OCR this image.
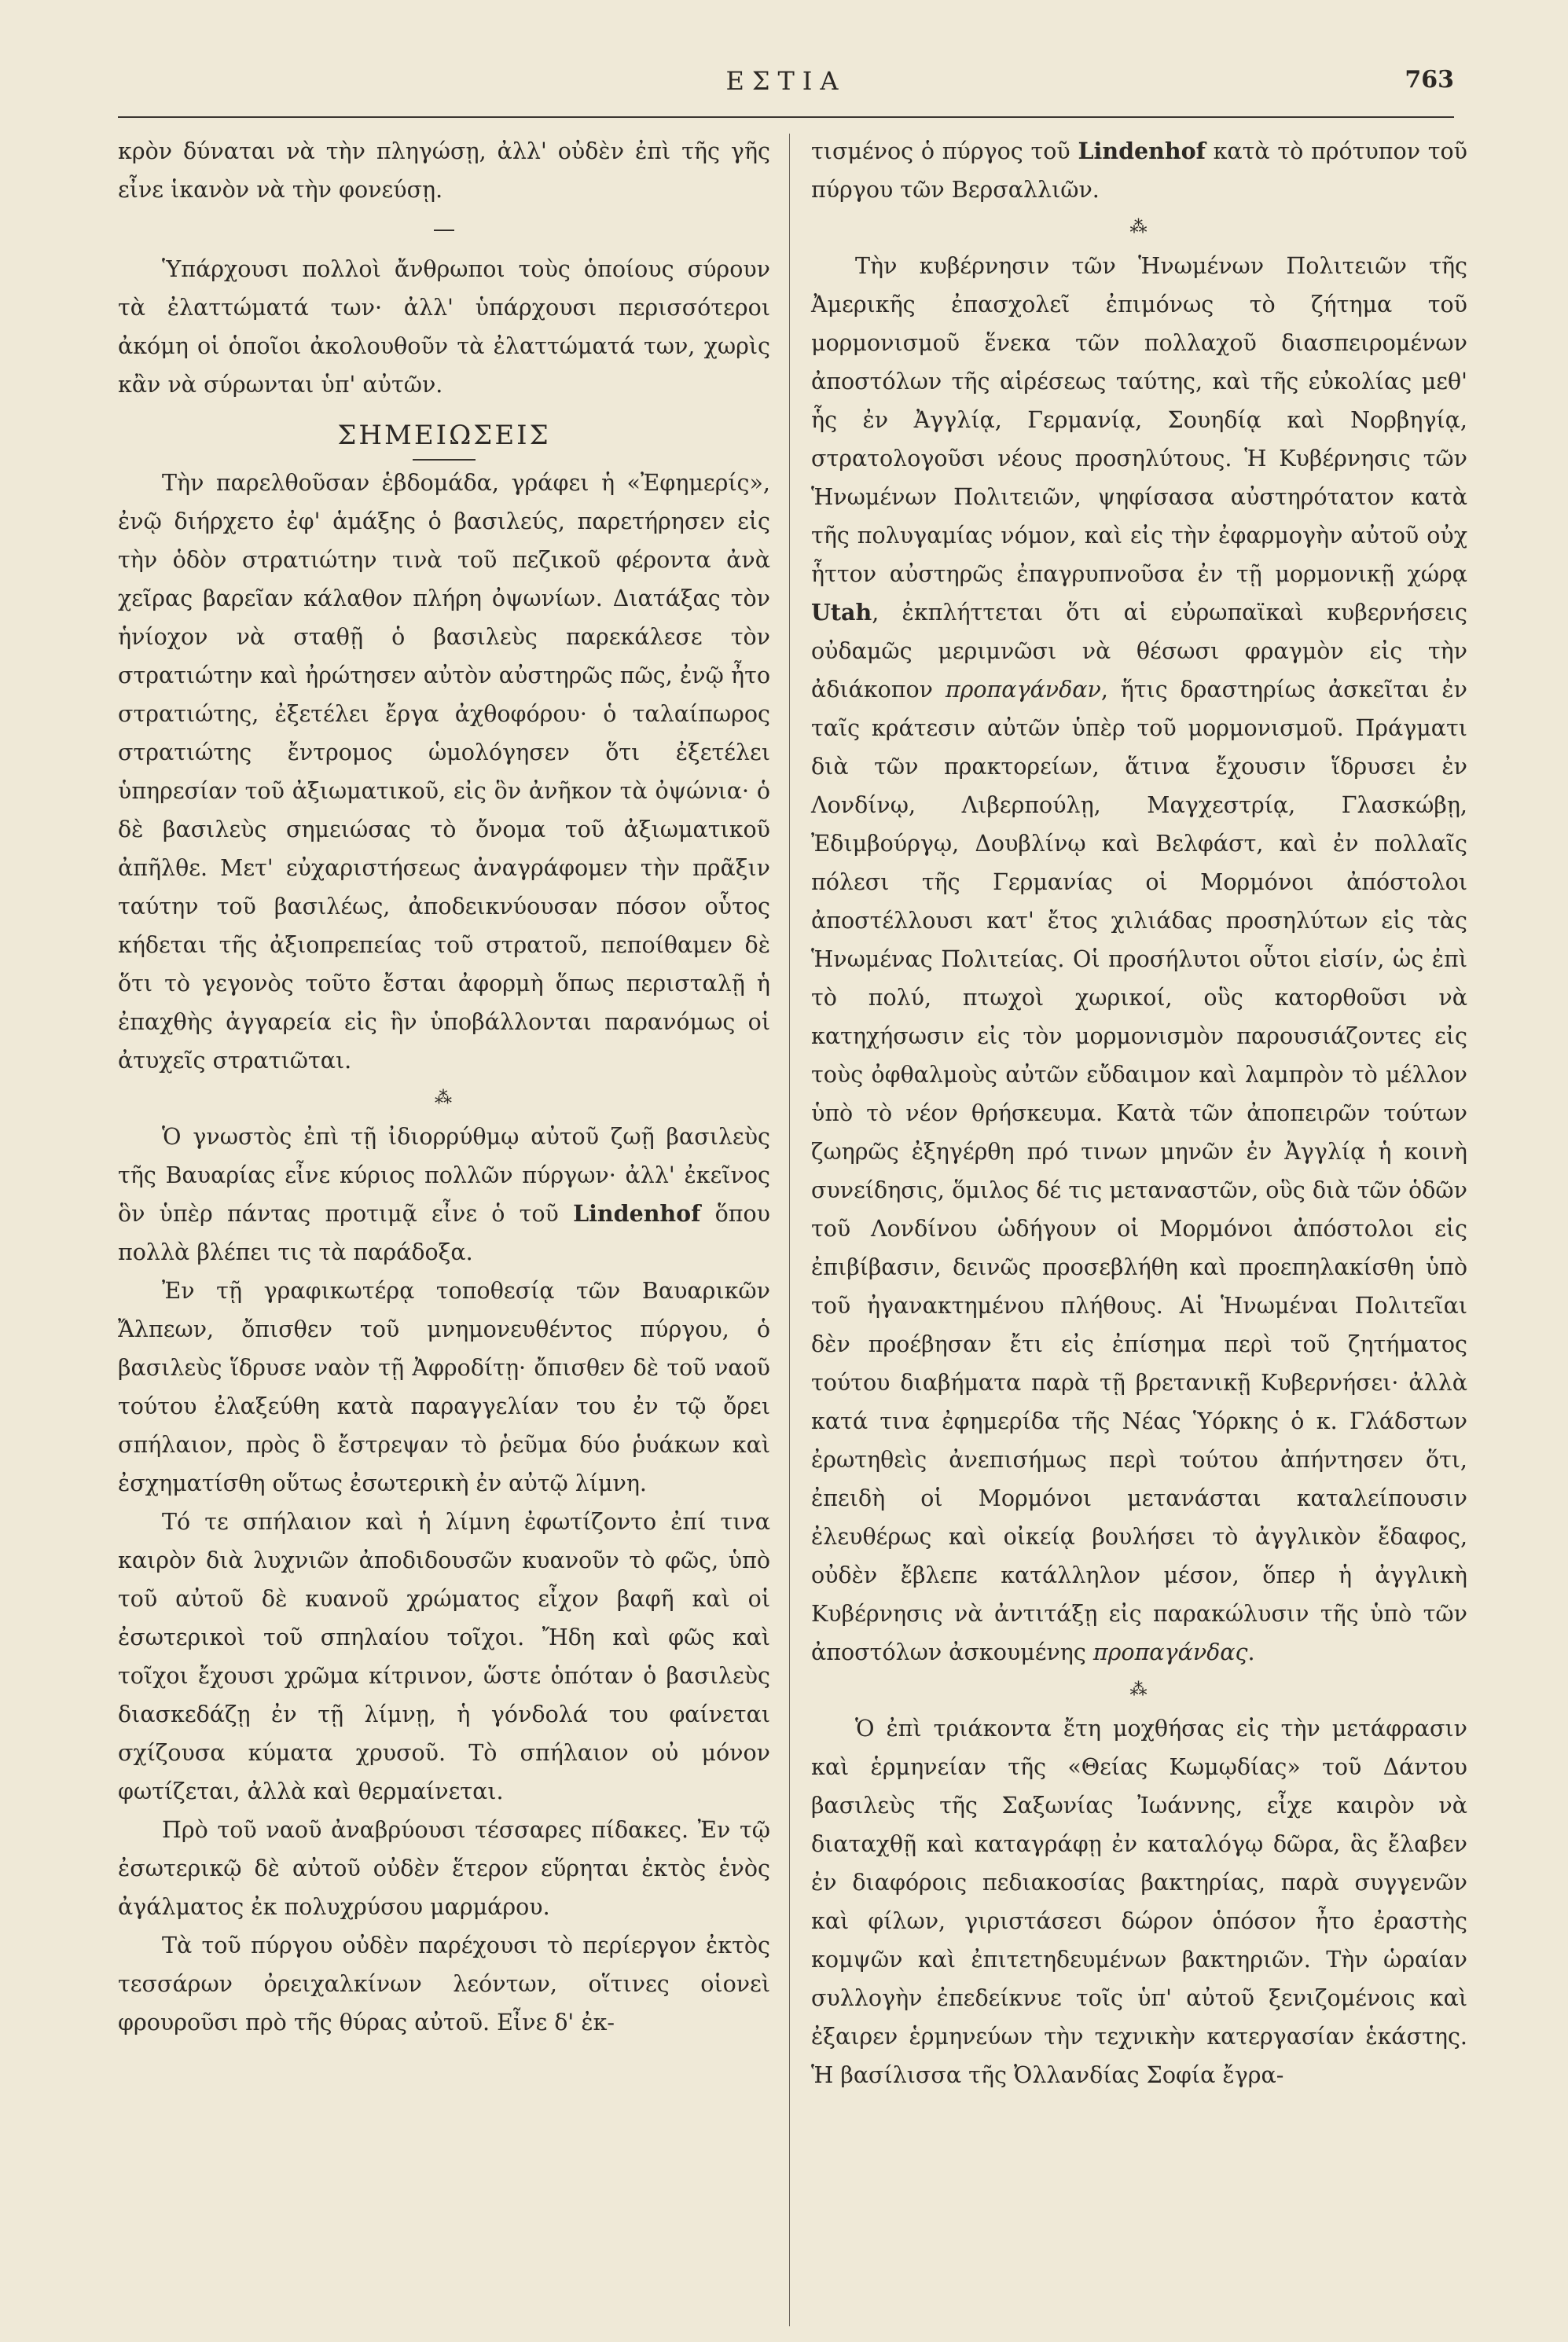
ΕΣΤΙΑ	763

κρὸν δύναται νὰ τὴν πληγώσῃ, ἀλλ' οὐδὲν ἐπὶ τῆς γῆς εἶνε ἱκανὸν νὰ τὴν φονεύσῃ.

—

Ὑπάρχουσι πολλοὶ ἄνθρωποι τοὺς ὁποίους σύρουν τὰ ἐλαττώματά των· ἀλλ' ὑπάρχουσι περισσότεροι ἀκόμη οἱ ὁποῖοι ἀκολουθοῦν τὰ ἐλαττώματά των, χωρὶς κἂν νὰ σύρωνται ὑπ' αὐτῶν.

ΣΗΜΕΙΩΣΕΙΣ

Τὴν παρελθοῦσαν ἑβδομάδα, γράφει ἡ «Ἐφημερίς», ἐνῷ διήρχετο ἐφ' ἁμάξης ὁ βασιλεύς, παρετήρησεν εἰς τὴν ὁδὸν στρατιώτην τινὰ τοῦ πεζικοῦ φέροντα ἀνὰ χεῖρας βαρεῖαν κάλαθον πλήρη ὀψωνίων. Διατάξας τὸν ἡνίοχον νὰ σταθῇ ὁ βασιλεὺς παρεκάλεσε τὸν στρατιώτην καὶ ἠρώτησεν αὐτὸν αὐστηρῶς πῶς, ἐνῷ ἦτο στρατιώτης, ἐξετέλει ἔργα ἀχθοφόρου· ὁ ταλαίπωρος στρατιώτης ἔντρομος ὡμολόγησεν ὅτι ἐξετέλει ὑπηρεσίαν τοῦ ἀξιωματικοῦ, εἰς ὃν ἀνῆκον τὰ ὀψώνια· ὁ δὲ βασιλεὺς σημειώσας τὸ ὄνομα τοῦ ἀξιωματικοῦ ἀπῆλθε. Μετ' εὐχαριστήσεως ἀναγράφομεν τὴν πρᾶξιν ταύτην τοῦ βασιλέως, ἀποδεικνύουσαν πόσον οὗτος κήδεται τῆς ἀξιοπρεπείας τοῦ στρατοῦ, πεποίθαμεν δὲ ὅτι τὸ γεγονὸς τοῦτο ἔσται ἀφορμὴ ὅπως περισταλῇ ἡ ἐπαχθὴς ἀγγαρεία εἰς ἣν ὑποβάλλονται παρανόμως οἱ ἀτυχεῖς στρατιῶται.

⁂

Ὁ γνωστὸς ἐπὶ τῇ ἰδιορρύθμῳ αὐτοῦ ζωῇ βασιλεὺς τῆς Βαυαρίας εἶνε κύριος πολλῶν πύργων· ἀλλ' ἐκεῖνος ὃν ὑπὲρ πάντας προτιμᾷ εἶνε ὁ τοῦ Lindenhof ὅπου πολλὰ βλέπει τις τὰ παράδοξα.

Ἐν τῇ γραφικωτέρᾳ τοποθεσίᾳ τῶν Βαυαρικῶν Ἄλπεων, ὄπισθεν τοῦ μνημονευθέντος πύργου, ὁ βασιλεὺς ἵδρυσε ναὸν τῇ Ἀφροδίτῃ· ὄπισθεν δὲ τοῦ ναοῦ τούτου ἐλαξεύθη κατὰ παραγγελίαν του ἐν τῷ ὄρει σπήλαιον, πρὸς ὃ ἔστρεψαν τὸ ῥεῦμα δύο ῥυάκων καὶ ἐσχηματίσθη οὕτως ἐσωτερικὴ ἐν αὐτῷ λίμνη.

Τό τε σπήλαιον καὶ ἡ λίμνη ἐφωτίζοντο ἐπί τινα καιρὸν διὰ λυχνιῶν ἀποδιδουσῶν κυανοῦν τὸ φῶς, ὑπὸ τοῦ αὐτοῦ δὲ κυανοῦ χρώματος εἶχον βαφῆ καὶ οἱ ἐσωτερικοὶ τοῦ σπηλαίου τοῖχοι. Ἤδη καὶ φῶς καὶ τοῖχοι ἔχουσι χρῶμα κίτρινον, ὥστε ὁπόταν ὁ βασιλεὺς διασκεδάζῃ ἐν τῇ λίμνῃ, ἡ γόνδολά του φαίνεται σχίζουσα κύματα χρυσοῦ. Τὸ σπήλαιον οὐ μόνον φωτίζεται, ἀλλὰ καὶ θερμαίνεται.

Πρὸ τοῦ ναοῦ ἀναβρύουσι τέσσαρες πίδακες. Ἐν τῷ ἐσωτερικῷ δὲ αὐτοῦ οὐδὲν ἕτερον εὕρηται ἐκτὸς ἑνὸς ἀγάλματος ἐκ πολυχρύσου μαρμάρου.

Τὰ τοῦ πύργου οὐδὲν παρέχουσι τὸ περίεργον ἐκτὸς τεσσάρων ὀρειχαλκίνων λεόντων, οἵτινες οἱονεὶ φρουροῦσι πρὸ τῆς θύρας αὐτοῦ. Εἶνε δ' ἐκ-

τισμένος ὁ πύργος τοῦ Lindenhof κατὰ τὸ πρότυπον τοῦ πύργου τῶν Βερσαλλιῶν.

⁂

Τὴν κυβέρνησιν τῶν Ἡνωμένων Πολιτειῶν τῆς Ἀμερικῆς ἐπασχολεῖ ἐπιμόνως τὸ ζήτημα τοῦ μορμονισμοῦ ἕνεκα τῶν πολλαχοῦ διασπειρομένων ἀποστόλων τῆς αἱρέσεως ταύτης, καὶ τῆς εὐκολίας μεθ' ἧς ἐν Ἀγγλίᾳ, Γερμανίᾳ, Σουηδίᾳ καὶ Νορβηγίᾳ, στρατολογοῦσι νέους προσηλύτους. Ἡ Κυβέρνησις τῶν Ἡνωμένων Πολιτειῶν, ψηφίσασα αὐστηρότατον κατὰ τῆς πολυγαμίας νόμον, καὶ εἰς τὴν ἐφαρμογὴν αὐτοῦ οὐχ ἧττον αὐστηρῶς ἐπαγρυπνοῦσα ἐν τῇ μορμονικῇ χώρᾳ Utah, ἐκπλήττεται ὅτι αἱ εὐρωπαϊκαὶ κυβερνήσεις οὐδαμῶς μεριμνῶσι νὰ θέσωσι φραγμὸν εἰς τὴν ἀδιάκοπον προπαγάνδαν, ἥτις δραστηρίως ἀσκεῖται ἐν ταῖς κράτεσιν αὐτῶν ὑπὲρ τοῦ μορμονισμοῦ. Πράγματι διὰ τῶν πρακτορείων, ἅτινα ἔχουσιν ἵδρυσει ἐν Λονδίνῳ, Λιβερπούλῃ, Μαγχεστρίᾳ, Γλασκώβῃ, Ἐδιμβούργῳ, Δουβλίνῳ καὶ Βελφάστ, καὶ ἐν πολλαῖς πόλεσι τῆς Γερμανίας οἱ Μορμόνοι ἀπόστολοι ἀποστέλλουσι κατ' ἔτος χιλιάδας προσηλύτων εἰς τὰς Ἡνωμένας Πολιτείας. Οἱ προσήλυτοι οὗτοι εἰσίν, ὡς ἐπὶ τὸ πολύ, πτωχοὶ χωρικοί, οὓς κατορθοῦσι νὰ κατηχήσωσιν εἰς τὸν μορμονισμὸν παρουσιάζοντες εἰς τοὺς ὀφθαλμοὺς αὐτῶν εὔδαιμον καὶ λαμπρὸν τὸ μέλλον ὑπὸ τὸ νέον θρήσκευμα. Κατὰ τῶν ἀποπειρῶν τούτων ζωηρῶς ἐξηγέρθη πρό τινων μηνῶν ἐν Ἀγγλίᾳ ἡ κοινὴ συνείδησις, ὅμιλος δέ τις μεταναστῶν, οὓς διὰ τῶν ὁδῶν τοῦ Λονδίνου ὡδήγουν οἱ Μορμόνοι ἀπόστολοι εἰς ἐπιβίβασιν, δεινῶς προσεβλήθη καὶ προεπηλακίσθη ὑπὸ τοῦ ἠγανακτημένου πλήθους. Αἱ Ἡνωμέναι Πολιτεῖαι δὲν προέβησαν ἔτι εἰς ἐπίσημα περὶ τοῦ ζητήματος τούτου διαβήματα παρὰ τῇ βρετανικῇ Κυβερνήσει· ἀλλὰ κατά τινα ἐφημερίδα τῆς Νέας Ὑόρκης ὁ κ. Γλάδστων ἐρωτηθεὶς ἀνεπισήμως περὶ τούτου ἀπήντησεν ὅτι, ἐπειδὴ οἱ Μορμόνοι μετανάσται καταλείπουσιν ἐλευθέρως καὶ οἰκείᾳ βουλήσει τὸ ἀγγλικὸν ἔδαφος, οὐδὲν ἔβλεπε κατάλληλον μέσον, ὅπερ ἡ ἀγγλικὴ Κυβέρνησις νὰ ἀντιτάξῃ εἰς παρακώλυσιν τῆς ὑπὸ τῶν ἀποστόλων ἀσκουμένης προπαγάνδας.

⁂

Ὁ ἐπὶ τριάκοντα ἔτη μοχθήσας εἰς τὴν μετάφρασιν καὶ ἑρμηνείαν τῆς «Θείας Κωμῳδίας» τοῦ Δάντου βασιλεὺς τῆς Σαξωνίας Ἰωάννης, εἶχε καιρὸν νὰ διαταχθῇ καὶ καταγράφῃ ἐν καταλόγῳ δῶρα, ἃς ἔλαβεν ἐν διαφόροις πεδιακοσίας βακτηρίας, παρὰ συγγενῶν καὶ φίλων, γιριστάσεσι δώρον ὁπόσον ἦτο ἐραστὴς κομψῶν καὶ ἐπιτετηδευμένων βακτηριῶν. Τὴν ὡραίαν συλλογὴν ἐπεδείκνυε τοῖς ὑπ' αὐτοῦ ξενιζομένοις καὶ ἐξαιρεν ἑρμηνεύων τὴν τεχνικὴν κατεργασίαν ἑκάστης. Ἡ βασίλισσα τῆς Ὀλλανδίας Σοφία ἔγρα-
